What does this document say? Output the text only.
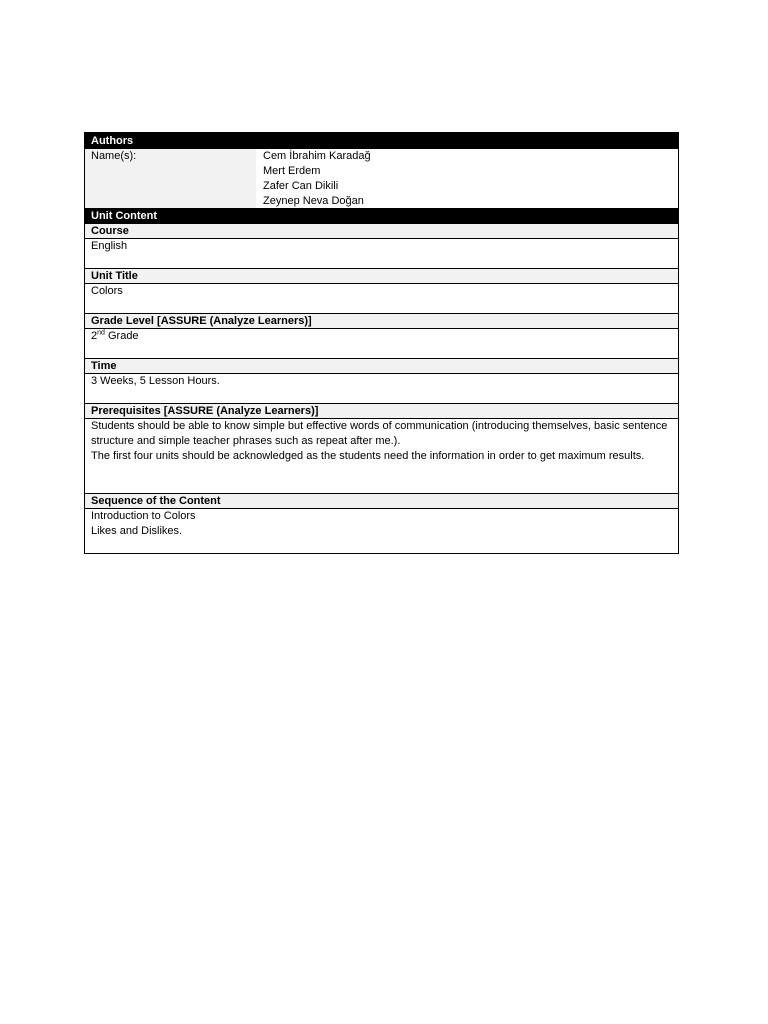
Authors
Name(s):	Cem İbrahim Karadağ
Mert Erdem
Zafer Can Dikili
Zeynep Neva Doğan
Unit Content
Course
English
Unit Title
Colors
Grade Level [ASSURE (Analyze Learners)]
2nd Grade
Time
3 Weeks, 5 Lesson Hours.
Prerequisites [ASSURE (Analyze Learners)]
Students should be able to know simple but effective words of communication (introducing themselves, basic sentence structure and simple teacher phrases such as repeat after me.).
The first four units should be acknowledged as the students need the information in order to get maximum results.
Sequence of the Content
Introduction to Colors
Likes and Dislikes.
